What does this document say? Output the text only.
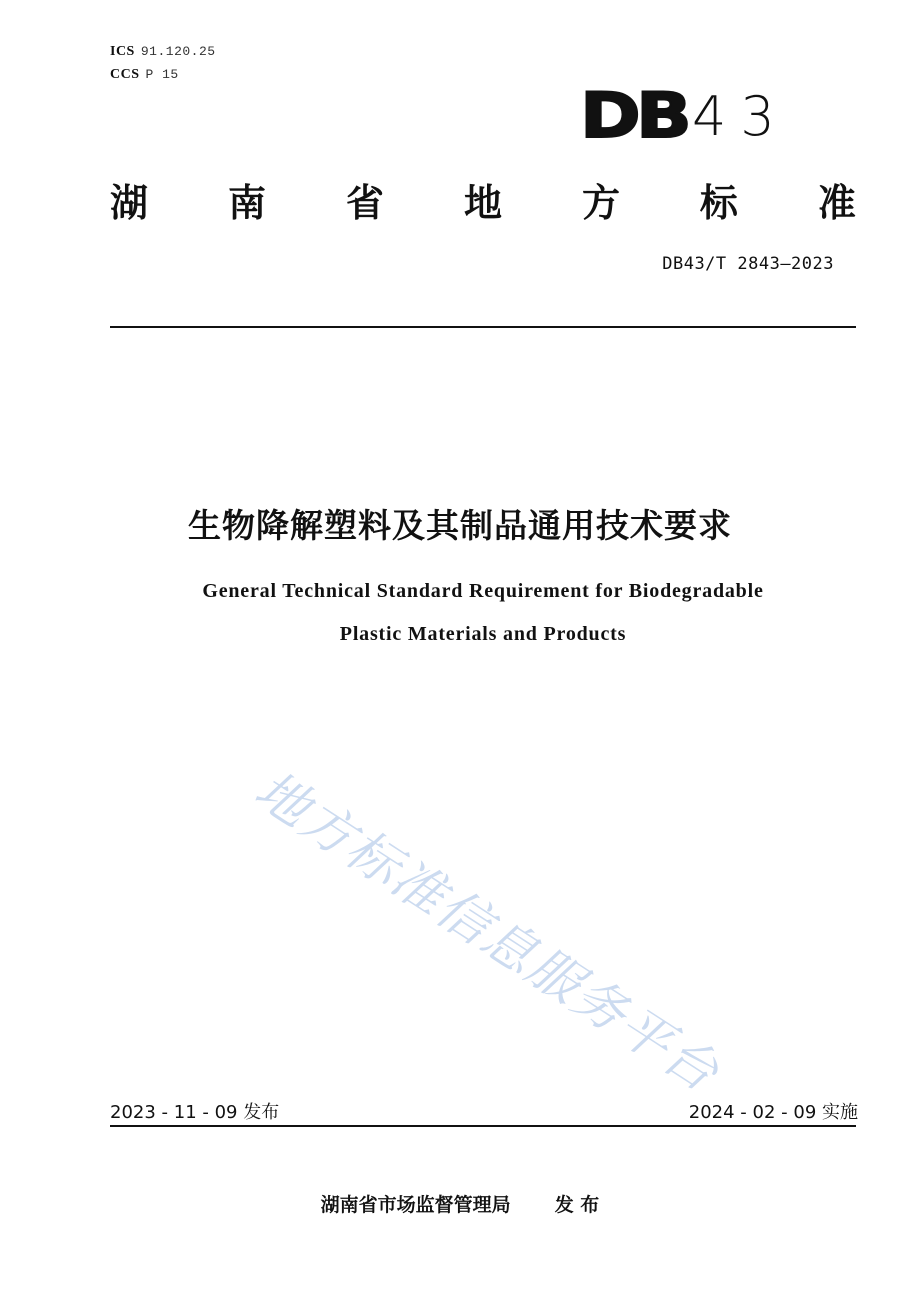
ICS 91.120.25
CCS P 15
DB 43
湖 南 省 地 方 标 准
DB43/T 2843—2023
生物降解塑料及其制品通用技术要求
General Technical Standard Requirement for Biodegradable
Plastic Materials and Products
地方标准信息服务平台
2023 - 11 - 09 发布	2024 - 02 - 09 实施
湖南省市场监督管理局 发 布
